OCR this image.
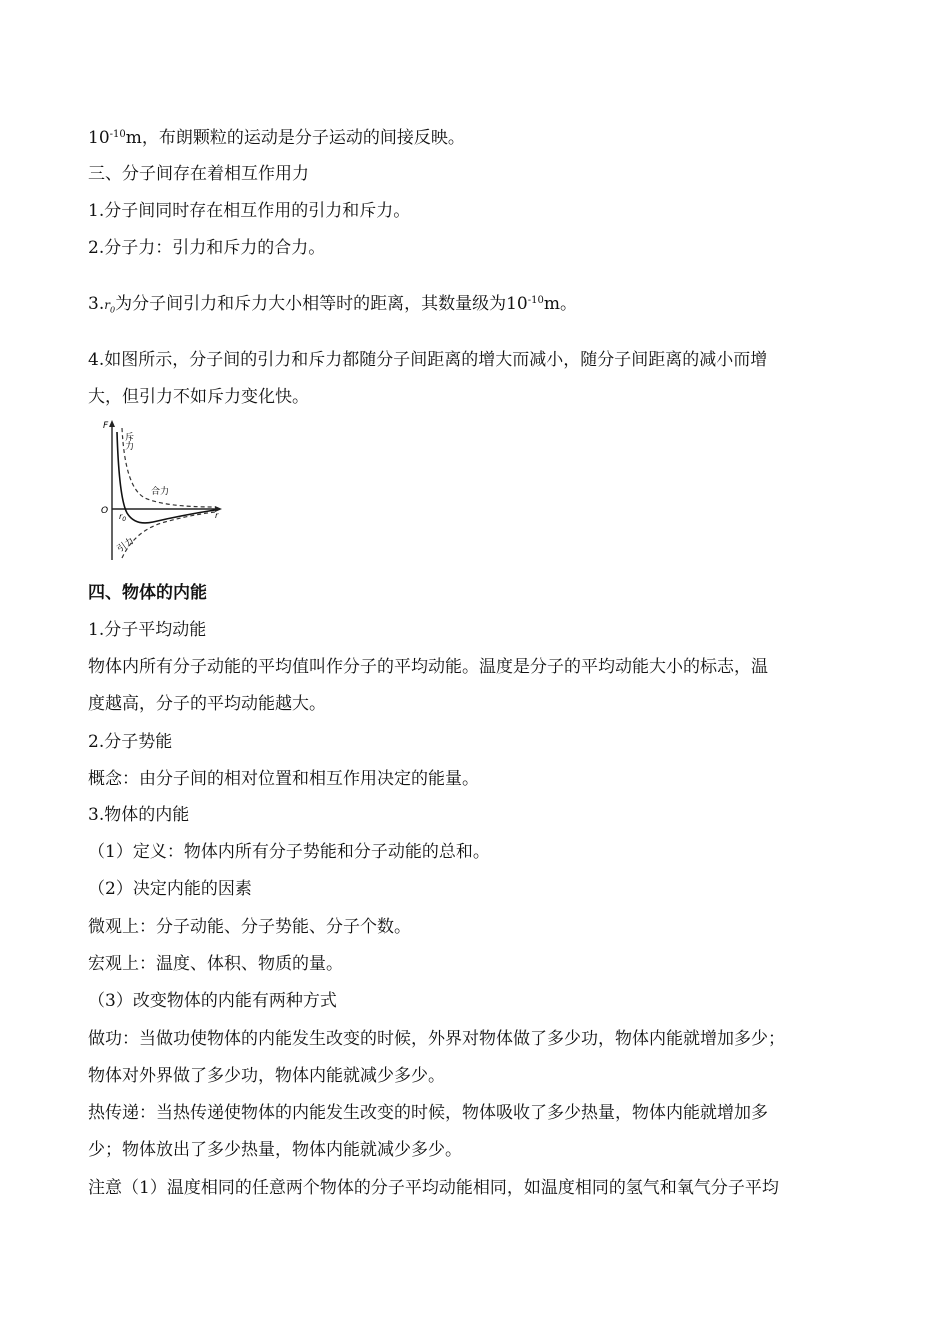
$10^{-10}m$，布朗颗粒的运动是分子运动的间接反映。
三、分子间存在着相互作用力
1.分子间同时存在相互作用的引力和斥力。
2.分子力：引力和斥力的合力。
$3.r_0$为分子间引力和斥力大小相等时的距离，其数量级为$10^{-10}m$。
4.如图所示，分子间的引力和斥力都随分子间距离的增大而减小，随分子间距离的减小而增
大，但引力不如斥力变化快。
F
r
O
$r_0$
斥力
合力
引力
四、物体的内能
1.分子平均动能
物体内所有分子动能的平均值叫作分子的平均动能。温度是分子的平均动能大小的标志，温
度越高，分子的平均动能越大。
2.分子势能
概念：由分子间的相对位置和相互作用决定的能量。
3.物体的内能
（1）定义：物体内所有分子势能和分子动能的总和。
（2）决定内能的因素
微观上：分子动能、分子势能、分子个数。
宏观上：温度、体积、物质的量。
（3）改变物体的内能有两种方式
做功：当做功使物体的内能发生改变的时候，外界对物体做了多少功，物体内能就增加多少；
物体对外界做了多少功，物体内能就减少多少。
热传递：当热传递使物体的内能发生改变的时候，物体吸收了多少热量，物体内能就增加多
少；物体放出了多少热量，物体内能就减少多少。
注意（1）温度相同的任意两个物体的分子平均动能相同，如温度相同的氢气和氧气分子平均
